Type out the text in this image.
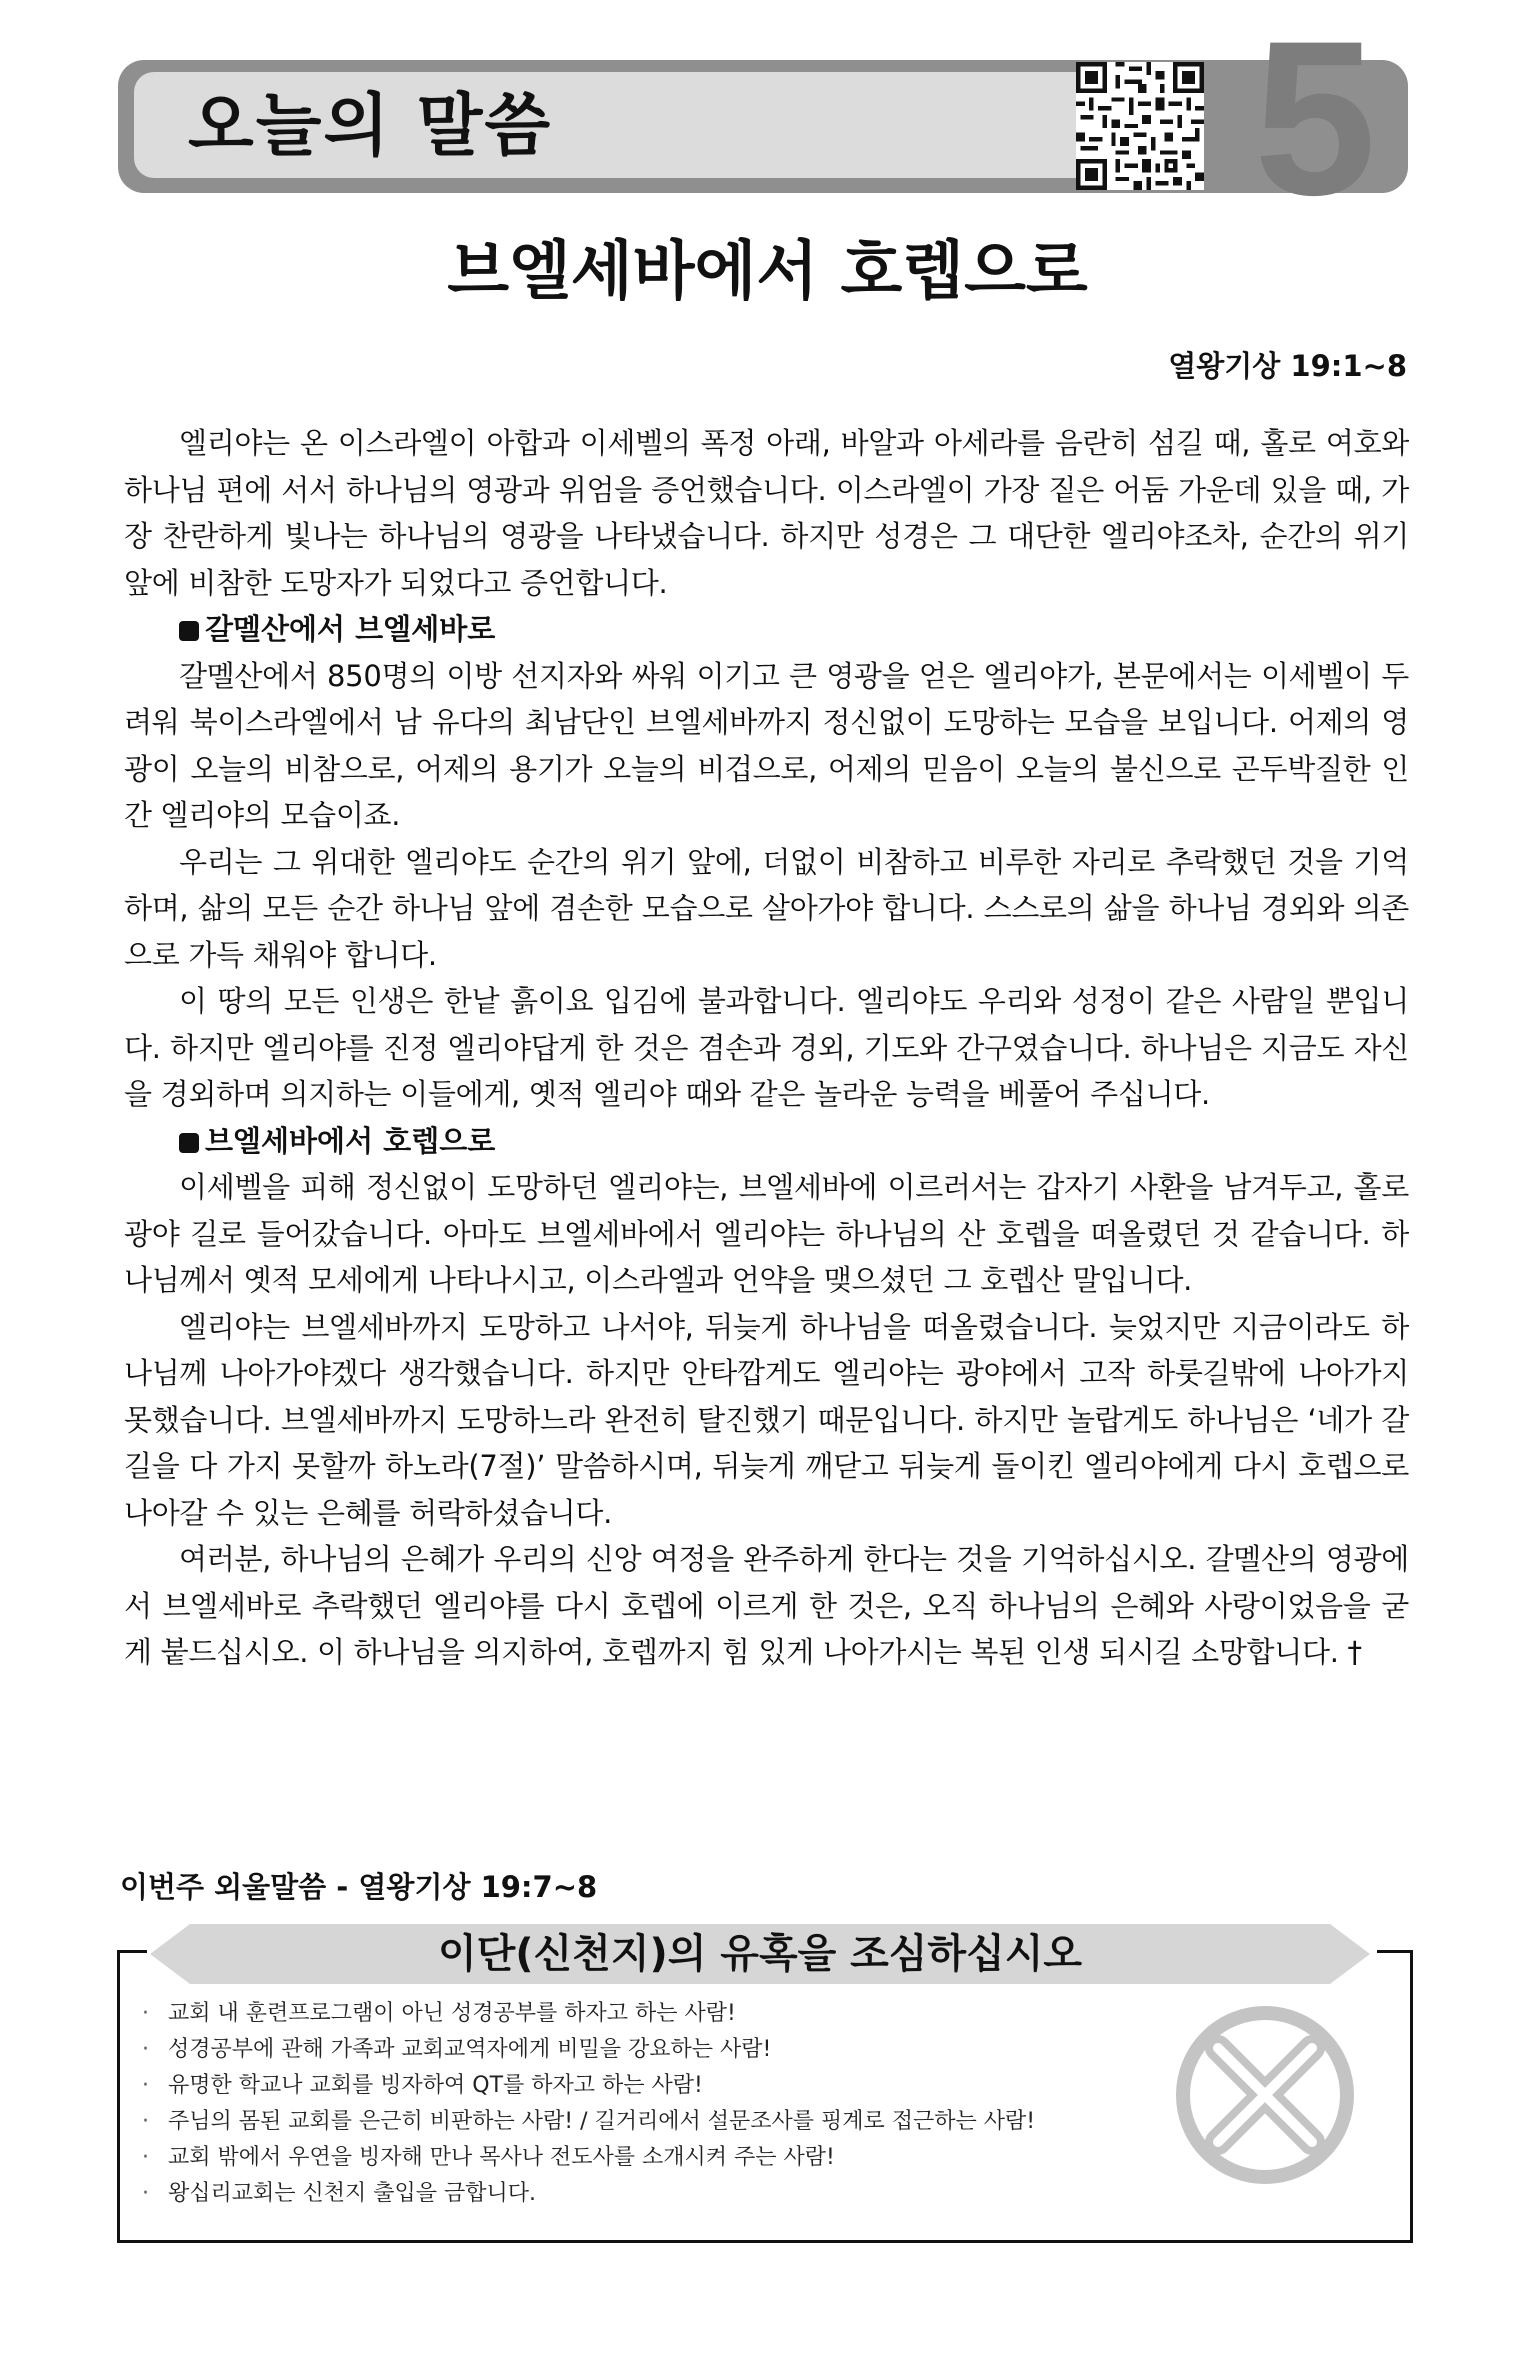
오늘의 말씀	5
브엘세바에서 호렙으로
열왕기상 19:1~8

엘리야는 온 이스라엘이 아합과 이세벨의 폭정 아래, 바알과 아세라를 음란히 섬길 때, 홀로 여호와 하나님 편에 서서 하나님의 영광과 위엄을 증언했습니다. 이스라엘이 가장 짙은 어둠 가운데 있을 때, 가장 찬란하게 빛나는 하나님의 영광을 나타냈습니다. 하지만 성경은 그 대단한 엘리야조차, 순간의 위기 앞에 비참한 도망자가 되었다고 증언합니다.

갈멜산에서 브엘세바로

갈멜산에서 850명의 이방 선지자와 싸워 이기고 큰 영광을 얻은 엘리야가, 본문에서는 이세벨이 두려워 북이스라엘에서 남 유다의 최남단인 브엘세바까지 정신없이 도망하는 모습을 보입니다. 어제의 영광이 오늘의 비참으로, 어제의 용기가 오늘의 비겁으로, 어제의 믿음이 오늘의 불신으로 곤두박질한 인간 엘리야의 모습이죠.

우리는 그 위대한 엘리야도 순간의 위기 앞에, 더없이 비참하고 비루한 자리로 추락했던 것을 기억하며, 삶의 모든 순간 하나님 앞에 겸손한 모습으로 살아가야 합니다. 스스로의 삶을 하나님 경외와 의존으로 가득 채워야 합니다.

이 땅의 모든 인생은 한낱 흙이요 입김에 불과합니다. 엘리야도 우리와 성정이 같은 사람일 뿐입니다. 하지만 엘리야를 진정 엘리야답게 한 것은 겸손과 경외, 기도와 간구였습니다. 하나님은 지금도 자신을 경외하며 의지하는 이들에게, 옛적 엘리야 때와 같은 놀라운 능력을 베풀어 주십니다.

브엘세바에서 호렙으로

이세벨을 피해 정신없이 도망하던 엘리야는, 브엘세바에 이르러서는 갑자기 사환을 남겨두고, 홀로 광야 길로 들어갔습니다. 아마도 브엘세바에서 엘리야는 하나님의 산 호렙을 떠올렸던 것 같습니다. 하나님께서 옛적 모세에게 나타나시고, 이스라엘과 언약을 맺으셨던 그 호렙산 말입니다.

엘리야는 브엘세바까지 도망하고 나서야, 뒤늦게 하나님을 떠올렸습니다. 늦었지만 지금이라도 하나님께 나아가야겠다 생각했습니다. 하지만 안타깝게도 엘리야는 광야에서 고작 하룻길밖에 나아가지 못했습니다. 브엘세바까지 도망하느라 완전히 탈진했기 때문입니다. 하지만 놀랍게도 하나님은 ‘네가 갈 길을 다 가지 못할까 하노라(7절)’ 말씀하시며, 뒤늦게 깨닫고 뒤늦게 돌이킨 엘리야에게 다시 호렙으로 나아갈 수 있는 은혜를 허락하셨습니다.

여러분, 하나님의 은혜가 우리의 신앙 여정을 완주하게 한다는 것을 기억하십시오. 갈멜산의 영광에서 브엘세바로 추락했던 엘리야를 다시 호렙에 이르게 한 것은, 오직 하나님의 은혜와 사랑이었음을 굳게 붙드십시오. 이 하나님을 의지하여, 호렙까지 힘 있게 나아가시는 복된 인생 되시길 소망합니다. †

이번주 외울말씀 - 열왕기상 19:7~8
이단(신천지)의 유혹을 조심하십시오
· 교회 내 훈련프로그램이 아닌 성경공부를 하자고 하는 사람!
· 성경공부에 관해 가족과 교회교역자에게 비밀을 강요하는 사람!
· 유명한 학교나 교회를 빙자하여 QT를 하자고 하는 사람!
· 주님의 몸된 교회를 은근히 비판하는 사람! / 길거리에서 설문조사를 핑계로 접근하는 사람!
· 교회 밖에서 우연을 빙자해 만나 목사나 전도사를 소개시켜 주는 사람!
· 왕십리교회는 신천지 출입을 금합니다.
